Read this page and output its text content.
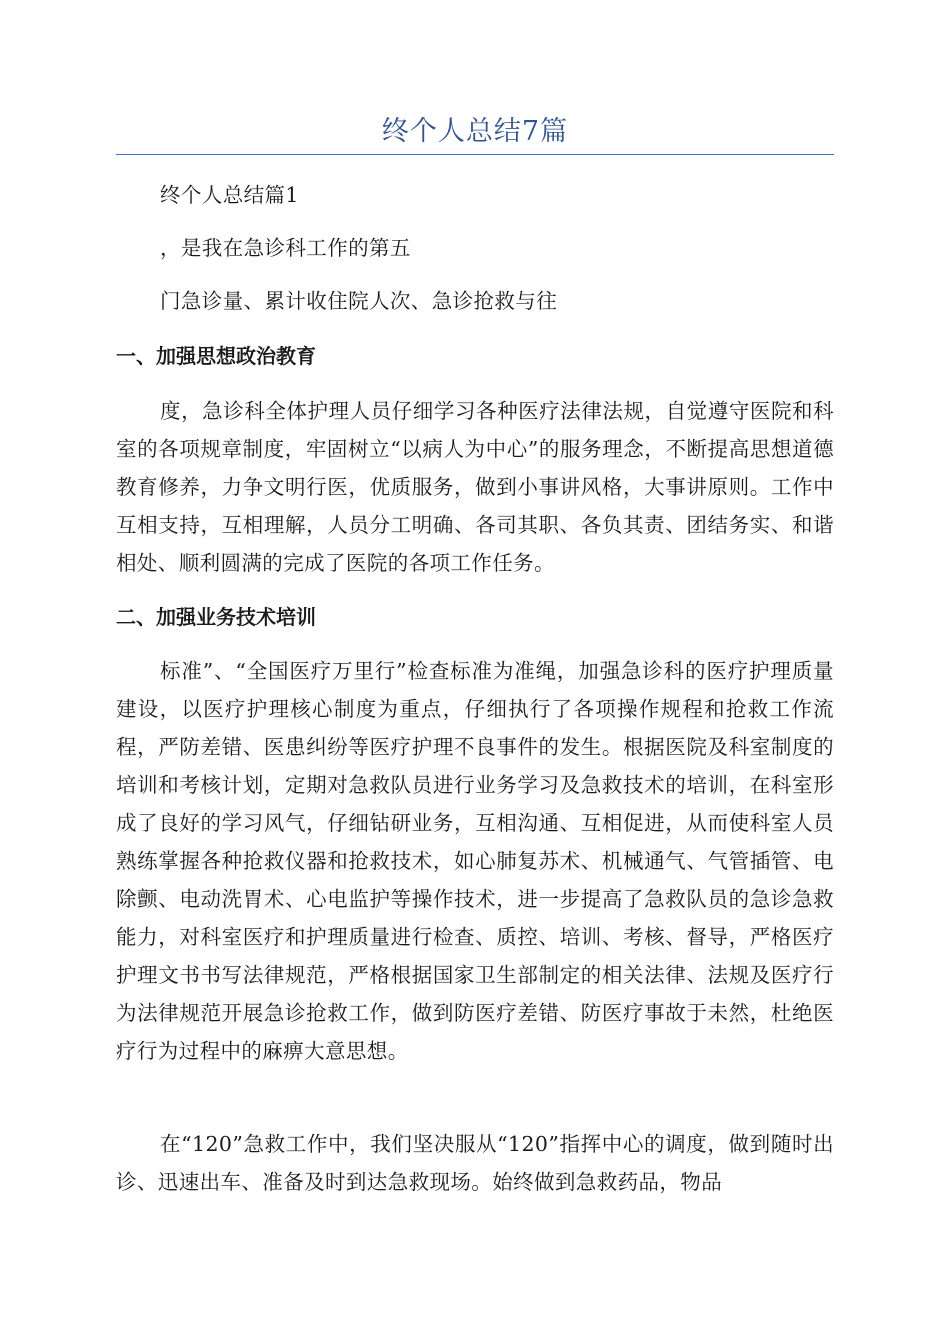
终个人总结7篇

终个人总结篇1

，是我在急诊科工作的第五

门急诊量、累计收住院人次、急诊抢救与往

一、加强思想政治教育

度，急诊科全体护理人员仔细学习各种医疗法律法规，自觉遵守医院和科室的各项规章制度，牢固树立“以病人为中心”的服务理念，不断提高思想道德教育修养，力争文明行医，优质服务，做到小事讲风格，大事讲原则。工作中互相支持，互相理解，人员分工明确、各司其职、各负其责、团结务实、和谐相处、顺利圆满的完成了医院的各项工作任务。

二、加强业务技术培训

标准”、“全国医疗万里行”检查标准为准绳，加强急诊科的医疗护理质量建设，以医疗护理核心制度为重点，仔细执行了各项操作规程和抢救工作流程，严防差错、医患纠纷等医疗护理不良事件的发生。根据医院及科室制度的培训和考核计划，定期对急救队员进行业务学习及急救技术的培训，在科室形成了良好的学习风气，仔细钻研业务，互相沟通、互相促进，从而使科室人员熟练掌握各种抢救仪器和抢救技术，如心肺复苏术、机械通气、气管插管、电除颤、电动洗胃术、心电监护等操作技术，进一步提高了急救队员的急诊急救能力，对科室医疗和护理质量进行检查、质控、培训、考核、督导，严格医疗护理文书书写法律规范，严格根据国家卫生部制定的相关法律、法规及医疗行为法律规范开展急诊抢救工作，做到防医疗差错、防医疗事故于未然，杜绝医疗行为过程中的麻痹大意思想。

在“120”急救工作中，我们坚决服从“120”指挥中心的调度，做到随时出诊、迅速出车、准备及时到达急救现场。始终做到急救药品，物品
